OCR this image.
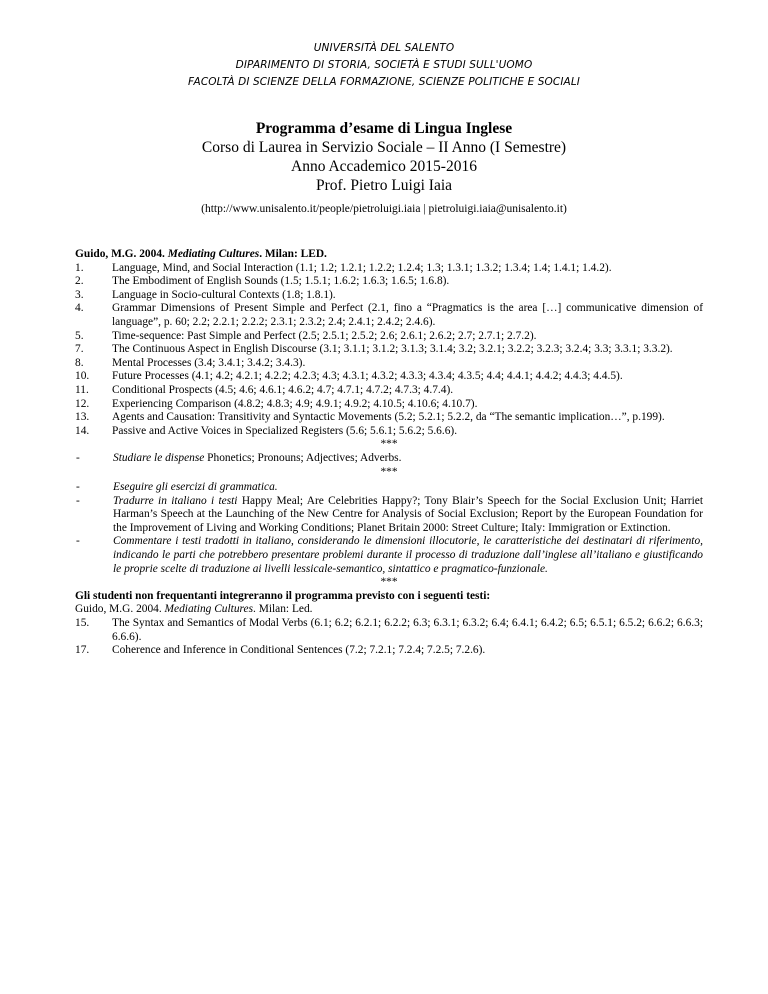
UNIVERSITÀ DEL SALENTO
DIPARIMENTO DI STORIA, SOCIETÀ E STUDI SULL'UOMO
FACOLTÀ DI SCIENZE DELLA FORMAZIONE, SCIENZE POLITICHE E SOCIALI
Programma d’esame di Lingua Inglese
Corso di Laurea in Servizio Sociale – II Anno (I Semestre)
Anno Accademico 2015-2016
Prof. Pietro Luigi Iaia
(http://www.unisalento.it/people/pietroluigi.iaia | pietroluigi.iaia@unisalento.it)
Guido, M.G. 2004. Mediating Cultures. Milan: LED.
1.	Language, Mind, and Social Interaction (1.1; 1.2; 1.2.1; 1.2.2; 1.2.4; 1.3; 1.3.1; 1.3.2; 1.3.4; 1.4; 1.4.1; 1.4.2).
2.	The Embodiment of English Sounds (1.5; 1.5.1; 1.6.2; 1.6.3; 1.6.5; 1.6.8).
3.	Language in Socio-cultural Contexts (1.8; 1.8.1).
4.	Grammar Dimensions of Present Simple and Perfect (2.1, fino a “Pragmatics is the area […] communicative dimension of language”, p. 60; 2.2; 2.2.1; 2.2.2; 2.3.1; 2.3.2; 2.4; 2.4.1; 2.4.2; 2.4.6).
5.	Time-sequence: Past Simple and Perfect (2.5; 2.5.1; 2.5.2; 2.6; 2.6.1; 2.6.2; 2.7; 2.7.1; 2.7.2).
7.	The Continuous Aspect in English Discourse (3.1; 3.1.1; 3.1.2; 3.1.3; 3.1.4; 3.2; 3.2.1; 3.2.2; 3.2.3; 3.2.4; 3.3; 3.3.1; 3.3.2).
8.	Mental Processes (3.4; 3.4.1; 3.4.2; 3.4.3).
10.	Future Processes (4.1; 4.2; 4.2.1; 4.2.2; 4.2.3; 4.3; 4.3.1; 4.3.2; 4.3.3; 4.3.4; 4.3.5; 4.4; 4.4.1; 4.4.2; 4.4.3; 4.4.5).
11.	Conditional Prospects (4.5; 4.6; 4.6.1; 4.6.2; 4.7; 4.7.1; 4.7.2; 4.7.3; 4.7.4).
12.	Experiencing Comparison (4.8.2; 4.8.3; 4.9; 4.9.1; 4.9.2; 4.10.5; 4.10.6; 4.10.7).
13.	Agents and Causation: Transitivity and Syntactic Movements (5.2; 5.2.1; 5.2.2, da “The semantic implication…”, p.199).
14.	Passive and Active Voices in Specialized Registers (5.6; 5.6.1; 5.6.2; 5.6.6).
***
-	Studiare le dispense Phonetics; Pronouns; Adjectives; Adverbs.
***
-	Eseguire gli esercizi di grammatica.
-	Tradurre in italiano i testi Happy Meal; Are Celebrities Happy?; Tony Blair’s Speech for the Social Exclusion Unit; Harriet Harman’s Speech at the Launching of the New Centre for Analysis of Social Exclusion; Report by the European Foundation for the Improvement of Living and Working Conditions; Planet Britain 2000: Street Culture; Italy: Immigration or Extinction.
-	Commentare i testi tradotti in italiano, considerando le dimensioni illocutorie, le caratteristiche dei destinatari di riferimento, indicando le parti che potrebbero presentare problemi durante il processo di traduzione dall’inglese all’italiano e giustificando le proprie scelte di traduzione ai livelli lessicale-semantico, sintattico e pragmatico-funzionale.
***
Gli studenti non frequentanti integreranno il programma previsto con i seguenti testi:
Guido, M.G. 2004. Mediating Cultures. Milan: Led.
15.	The Syntax and Semantics of Modal Verbs (6.1; 6.2; 6.2.1; 6.2.2; 6.3; 6.3.1; 6.3.2; 6.4; 6.4.1; 6.4.2; 6.5; 6.5.1; 6.5.2; 6.6.2; 6.6.3; 6.6.6).
17.	Coherence and Inference in Conditional Sentences (7.2; 7.2.1; 7.2.4; 7.2.5; 7.2.6).
